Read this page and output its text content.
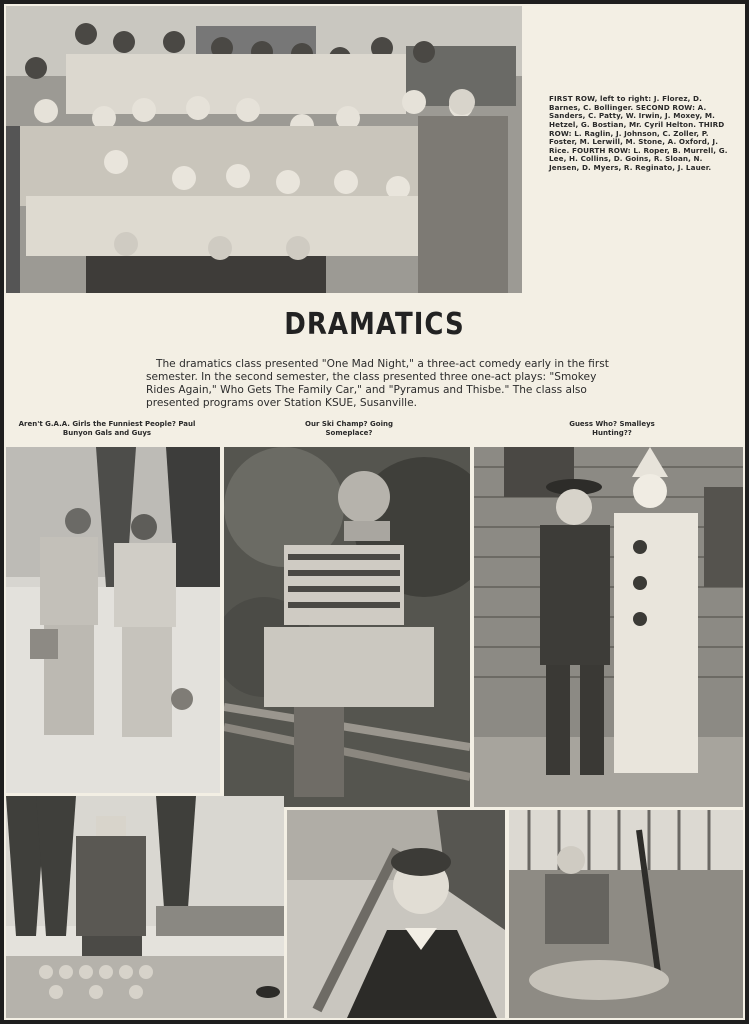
FIRST ROW, left to right: J. Florez, D. Barnes, C. Bollinger. SECOND ROW: A. Sanders, C. Patty, W. Irwin, J. Moxey, M. Hetzel, G. Bostian, Mr. Cyril Helton. THIRD ROW: L. Raglin, J. Johnson, C. Zoller, P. Foster, M. Lerwill, M. Stone, A. Oxford, J. Rice. FOURTH ROW: L. Roper, B. Murrell, G. Lee, H. Collins, D. Goins, R. Sloan, N. Jensen, D. Myers, R. Reginato, J. Lauer.

DRAMATICS

The dramatics class presented "One Mad Night," a three-act comedy early in the first semester. In the second semester, the class presented three one-act plays: "Smokey Rides Again," Who Gets The Family Car," and "Pyramus and Thisbe." The class also presented programs over Station KSUE, Susanville.

Aren't G.A.A. Girls the Funniest People? Paul Bunyon Gals and Guys
Our Ski Champ? Going Someplace?
Guess Who? Smalleys Hunting??
